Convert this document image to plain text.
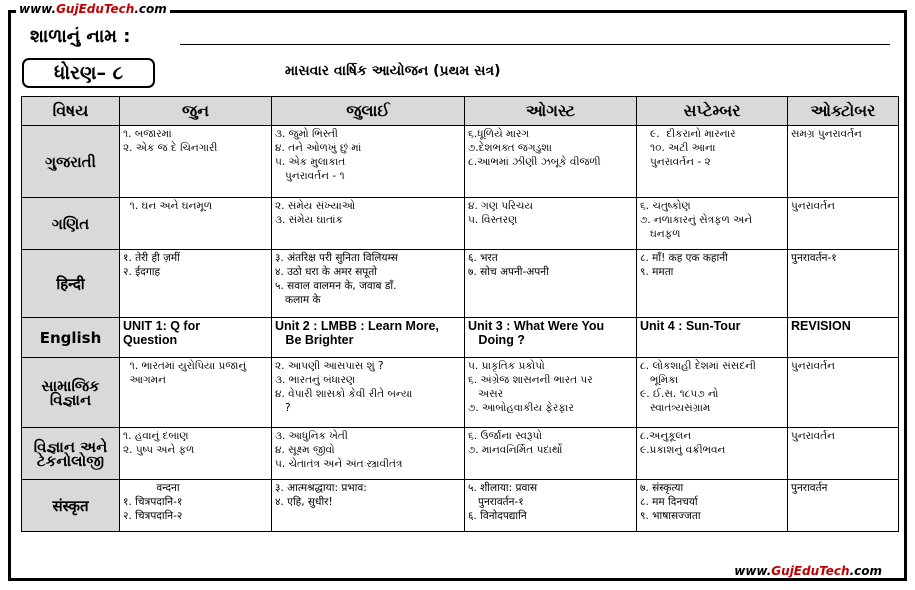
www.GujEduTech.com
શાળાનું નામ :
ધોરણ– ૮	માસવાર વાર્ષિક આયોજન (પ્રથમ સત્ર)
વિષય	જુન	જુલાઈ	ઓગસ્ટ	સપ્ટેમ્બર	ઓક્ટોબર

ગુજરાતી	૧. બજારમાં
૨. એક જ દે ચિનગારી	૩. જુમો ભિસ્તી
૪. તને ઓળખું છું માં
૫. એક મુલાકાત
પુનરાવર્તન - ૧	૬.ધૂળિયે મારગ
૭.દેશભક્ત જગડુશા
૮.આભમાં ઝીણી ઝબૂકે વીજળી	૯.  દીકરાનો મારનાર
૧૦. અટી આના
પુનરાવર્તન - ૨	સમગ્ર પુનરાવર્તન

ગણિત	૧. ઘન અને ઘનમૂળ	૨. સંમેય સંખ્યાઓ
૩. સંમેય ઘાતાંક	૪. ગણ પરિચય
૫. વિસ્તરણ	૬. ચતુષ્કોણ
૭. નળાકારનું સેત્રફળ અને
ઘનફળ	પુનરાવર્તન

हिन्दी	१. तेरी ही ज़मीं
२. ईदगाह	३. अंतरिक्ष परी सुनिता विलियम्स
४. उठो धरा के अमर सपूतो
५. सवाल वालमन के, जवाब डॉं.
कलाम के	६. भरत
७. सोच अपनी-अपनी	८. माँ! कह एक कहानी
९. ममता	पुनरावर्तन-१

English	UNIT 1: Q for
Question	Unit 2 : LMBB : Learn More,
Be Brighter	Unit 3 : What Were You
Doing ?	Unit 4 : Sun-Tour	REVISION

સામાજિક
વિજ્ઞાન	૧. ભારતમાં યુરોપિયા પ્રજાનું
આગમન	૨. આપણી આસપાસ શું ?
૩. ભારતનું બંધારણ
૪. વેપારી શાસકો કેવી રીતે બન્યા
?	૫. પ્રાકૃતિક પ્રકોપો
૬. અંગ્રેજ શાસનની ભારત પર
અસર
૭. આબોહવાકીય ફેરફાર	૮. લોકશાહી દેશમાં સંસદની
ભૂમિકા
૯. ઈ.સ. ૧૮૫૭ નો
સ્વાતંત્ર્યસંગ્રામ	પુનરાવર્તન

વિજ્ઞાન અને
ટેકનોલોજી	૧. હવાનું દબાણ
૨. પુષ્પ અને ફળ	૩. આધુનિક ખેતી
૪. સૂક્ષ્મ જીવો
૫. ચેતાતંત્ર અને અંતઃસ્ત્રાવીતંત્ર	૬. ઉર્જાના સ્વરૂપો
૭. માનવનિર્મિત પદાર્થો	૮.અનુકૂલન
૯.પ્રકાશનું વક્રીભવન	પુનરાવર્તન

संस्कृत	वन्दना
१. चित्रपदानि-१
२. चित्रपदानि-२	३. आत्मश्रद्धाया: प्रभाव:
४. एहि, सुधीर!	५. शीलाया: प्रवास
पुनरावर्तन-१
६. विनोदपद्यानि	७. संस्कृत्या
८. मम दिनचर्या
९. भाषासज्जता	पुनरावर्तन
www.GujEduTech.com
